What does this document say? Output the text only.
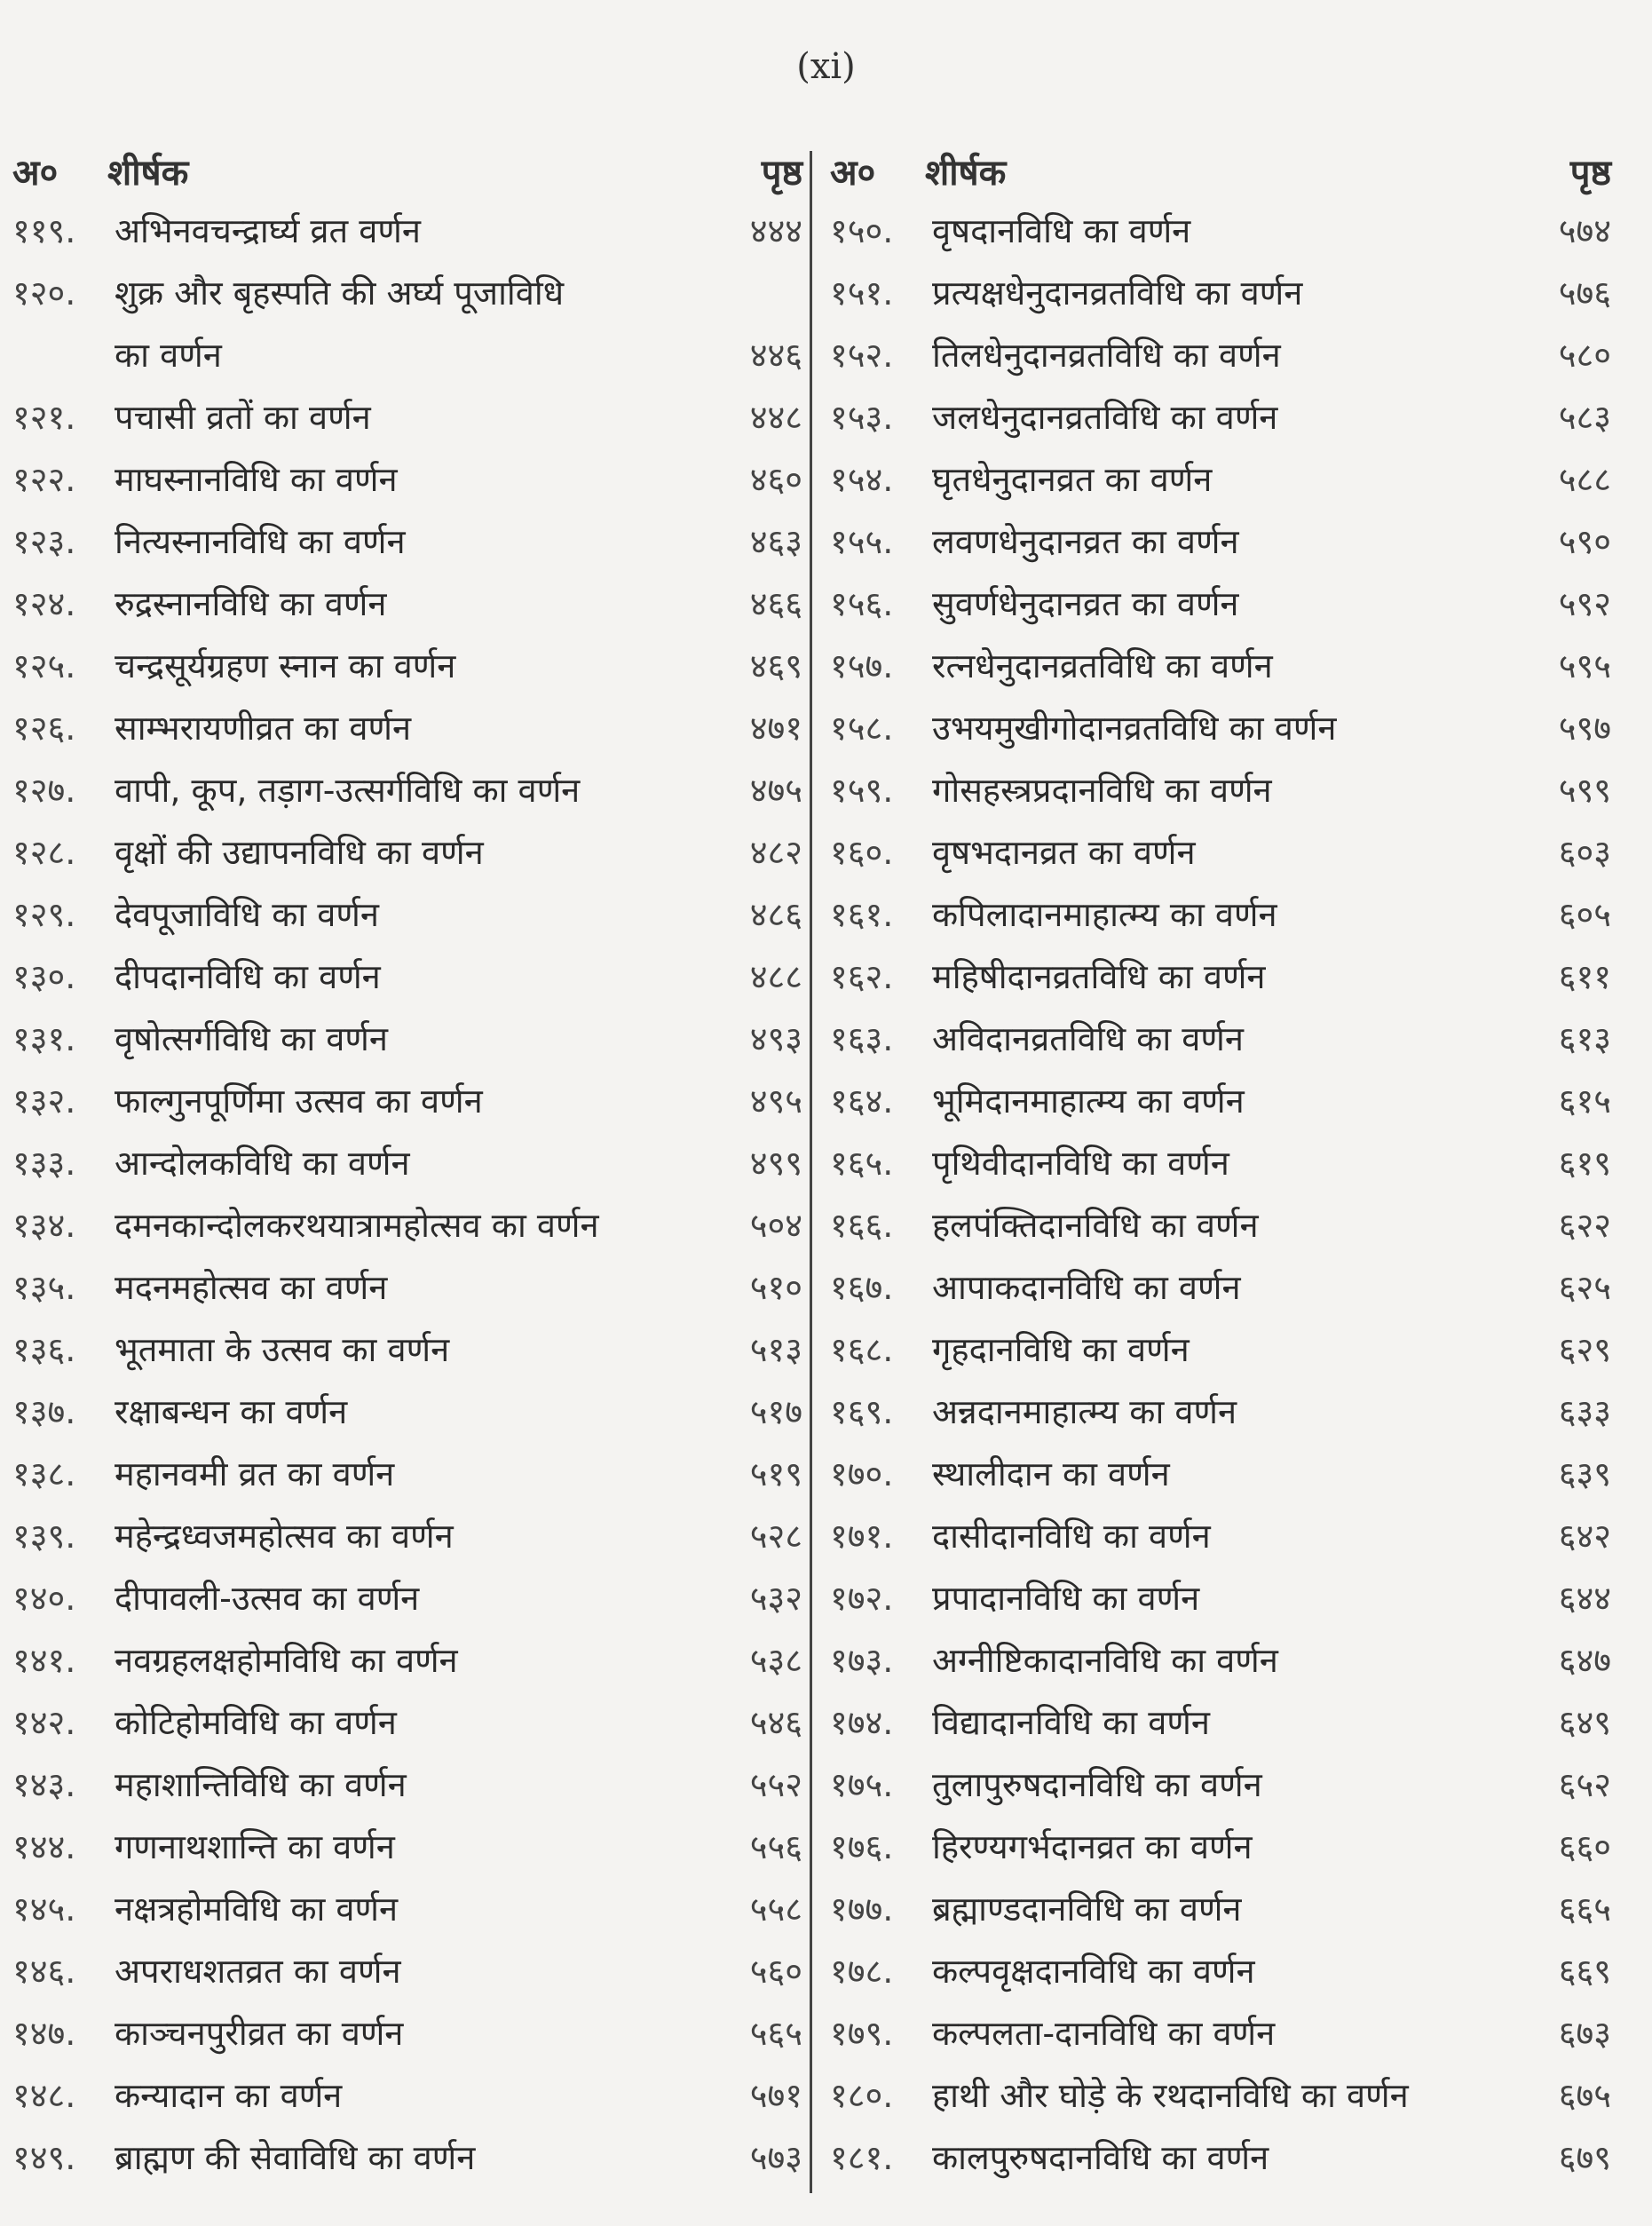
(xi)
अ०	शीर्षक	पृष्ठ
११९.	अभिनवचन्द्रार्घ्य व्रत वर्णन	४४४
१२०.	शुक्र और बृहस्पति की अर्घ्य पूजाविधि
का वर्णन	४४६
१२१.	पचासी व्रतों का वर्णन	४४८
१२२.	माघस्नानविधि का वर्णन	४६०
१२३.	नित्यस्नानविधि का वर्णन	४६३
१२४.	रुद्रस्नानविधि का वर्णन	४६६
१२५.	चन्द्रसूर्यग्रहण स्नान का वर्णन	४६९
१२६.	साम्भरायणीव्रत का वर्णन	४७१
१२७.	वापी, कूप, तड़ाग-उत्सर्गविधि का वर्णन	४७५
१२८.	वृक्षों की उद्यापनविधि का वर्णन	४८२
१२९.	देवपूजाविधि का वर्णन	४८६
१३०.	दीपदानविधि का वर्णन	४८८
१३१.	वृषोत्सर्गविधि का वर्णन	४९३
१३२.	फाल्गुनपूर्णिमा उत्सव का वर्णन	४९५
१३३.	आन्दोलकविधि का वर्णन	४९९
१३४.	दमनकान्दोलकरथयात्रामहोत्सव का वर्णन	५०४
१३५.	मदनमहोत्सव का वर्णन	५१०
१३६.	भूतमाता के उत्सव का वर्णन	५१३
१३७.	रक्षाबन्धन का वर्णन	५१७
१३८.	महानवमी व्रत का वर्णन	५१९
१३९.	महेन्द्रध्वजमहोत्सव का वर्णन	५२८
१४०.	दीपावली-उत्सव का वर्णन	५३२
१४१.	नवग्रहलक्षहोमविधि का वर्णन	५३८
१४२.	कोटिहोमविधि का वर्णन	५४६
१४३.	महाशान्तिविधि का वर्णन	५५२
१४४.	गणनाथशान्ति का वर्णन	५५६
१४५.	नक्षत्रहोमविधि का वर्णन	५५८
१४६.	अपराधशतव्रत का वर्णन	५६०
१४७.	काञ्चनपुरीव्रत का वर्णन	५६५
१४८.	कन्यादान का वर्णन	५७१
१४९.	ब्राह्मण की सेवाविधि का वर्णन	५७३
अ०	शीर्षक	पृष्ठ
१५०.	वृषदानविधि का वर्णन	५७४
१५१.	प्रत्यक्षधेनुदानव्रतविधि का वर्णन	५७६
१५२.	तिलधेनुदानव्रतविधि का वर्णन	५८०
१५३.	जलधेनुदानव्रतविधि का वर्णन	५८३
१५४.	घृतधेनुदानव्रत का वर्णन	५८८
१५५.	लवणधेनुदानव्रत का वर्णन	५९०
१५६.	सुवर्णधेनुदानव्रत का वर्णन	५९२
१५७.	रत्नधेनुदानव्रतविधि का वर्णन	५९५
१५८.	उभयमुखीगोदानव्रतविधि का वर्णन	५९७
१५९.	गोसहस्त्रप्रदानविधि का वर्णन	५९९
१६०.	वृषभदानव्रत का वर्णन	६०३
१६१.	कपिलादानमाहात्म्य का वर्णन	६०५
१६२.	महिषीदानव्रतविधि का वर्णन	६११
१६३.	अविदानव्रतविधि का वर्णन	६१३
१६४.	भूमिदानमाहात्म्य का वर्णन	६१५
१६५.	पृथिवीदानविधि का वर्णन	६१९
१६६.	हलपंक्तिदानविधि का वर्णन	६२२
१६७.	आपाकदानविधि का वर्णन	६२५
१६८.	गृहदानविधि का वर्णन	६२९
१६९.	अन्नदानमाहात्म्य का वर्णन	६३३
१७०.	स्थालीदान का वर्णन	६३९
१७१.	दासीदानविधि का वर्णन	६४२
१७२.	प्रपादानविधि का वर्णन	६४४
१७३.	अग्नीष्टिकादानविधि का वर्णन	६४७
१७४.	विद्यादानविधि का वर्णन	६४९
१७५.	तुलापुरुषदानविधि का वर्णन	६५२
१७६.	हिरण्यगर्भदानव्रत का वर्णन	६६०
१७७.	ब्रह्माण्डदानविधि का वर्णन	६६५
१७८.	कल्पवृक्षदानविधि का वर्णन	६६९
१७९.	कल्पलता-दानविधि का वर्णन	६७३
१८०.	हाथी और घोड़े के रथदानविधि का वर्णन	६७५
१८१.	कालपुरुषदानविधि का वर्णन	६७९
